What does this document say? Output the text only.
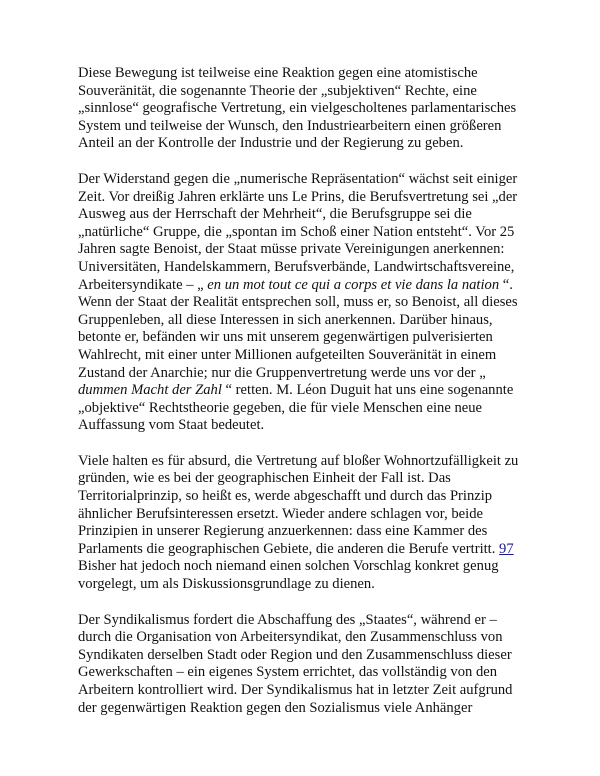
Diese Bewegung ist teilweise eine Reaktion gegen eine atomistische
Souveränität, die sogenannte Theorie der „subjektiven“ Rechte, eine
„sinnlose“ geografische Vertretung, ein vielgescholtenes parlamentarisches
System und teilweise der Wunsch, den Industriearbeitern einen größeren
Anteil an der Kontrolle der Industrie und der Regierung zu geben.

Der Widerstand gegen die „numerische Repräsentation“ wächst seit einiger
Zeit. Vor dreißig Jahren erklärte uns Le Prins, die Berufsvertretung sei „der
Ausweg aus der Herrschaft der Mehrheit“, die Berufsgruppe sei die
„natürliche“ Gruppe, die „spontan im Schoß einer Nation entsteht“. Vor 25
Jahren sagte Benoist, der Staat müsse private Vereinigungen anerkennen:
Universitäten, Handelskammern, Berufsverbände, Landwirtschaftsvereine,
Arbeitersyndikate – „ en un mot tout ce qui a corps et vie dans la nation “.
Wenn der Staat der Realität entsprechen soll, muss er, so Benoist, all dieses
Gruppenleben, all diese Interessen in sich anerkennen. Darüber hinaus,
betonte er, befänden wir uns mit unserem gegenwärtigen pulverisierten
Wahlrecht, mit einer unter Millionen aufgeteilten Souveränität in einem
Zustand der Anarchie; nur die Gruppenvertretung werde uns vor der „
dummen Macht der Zahl “ retten. M. Léon Duguit hat uns eine sogenannte
„objektive“ Rechtstheorie gegeben, die für viele Menschen eine neue
Auffassung vom Staat bedeutet.

Viele halten es für absurd, die Vertretung auf bloßer Wohnortzufälligkeit zu
gründen, wie es bei der geographischen Einheit der Fall ist. Das
Territorialprinzip, so heißt es, werde abgeschafft und durch das Prinzip
ähnlicher Berufsinteressen ersetzt. Wieder andere schlagen vor, beide
Prinzipien in unserer Regierung anzuerkennen: dass eine Kammer des
Parlaments die geographischen Gebiete, die anderen die Berufe vertritt. 97
Bisher hat jedoch noch niemand einen solchen Vorschlag konkret genug
vorgelegt, um als Diskussionsgrundlage zu dienen.

Der Syndikalismus fordert die Abschaffung des „Staates“, während er –
durch die Organisation von Arbeitersyndikat, den Zusammenschluss von
Syndikaten derselben Stadt oder Region und den Zusammenschluss dieser
Gewerkschaften – ein eigenes System errichtet, das vollständig von den
Arbeitern kontrolliert wird. Der Syndikalismus hat in letzter Zeit aufgrund
der gegenwärtigen Reaktion gegen den Sozialismus viele Anhänger
